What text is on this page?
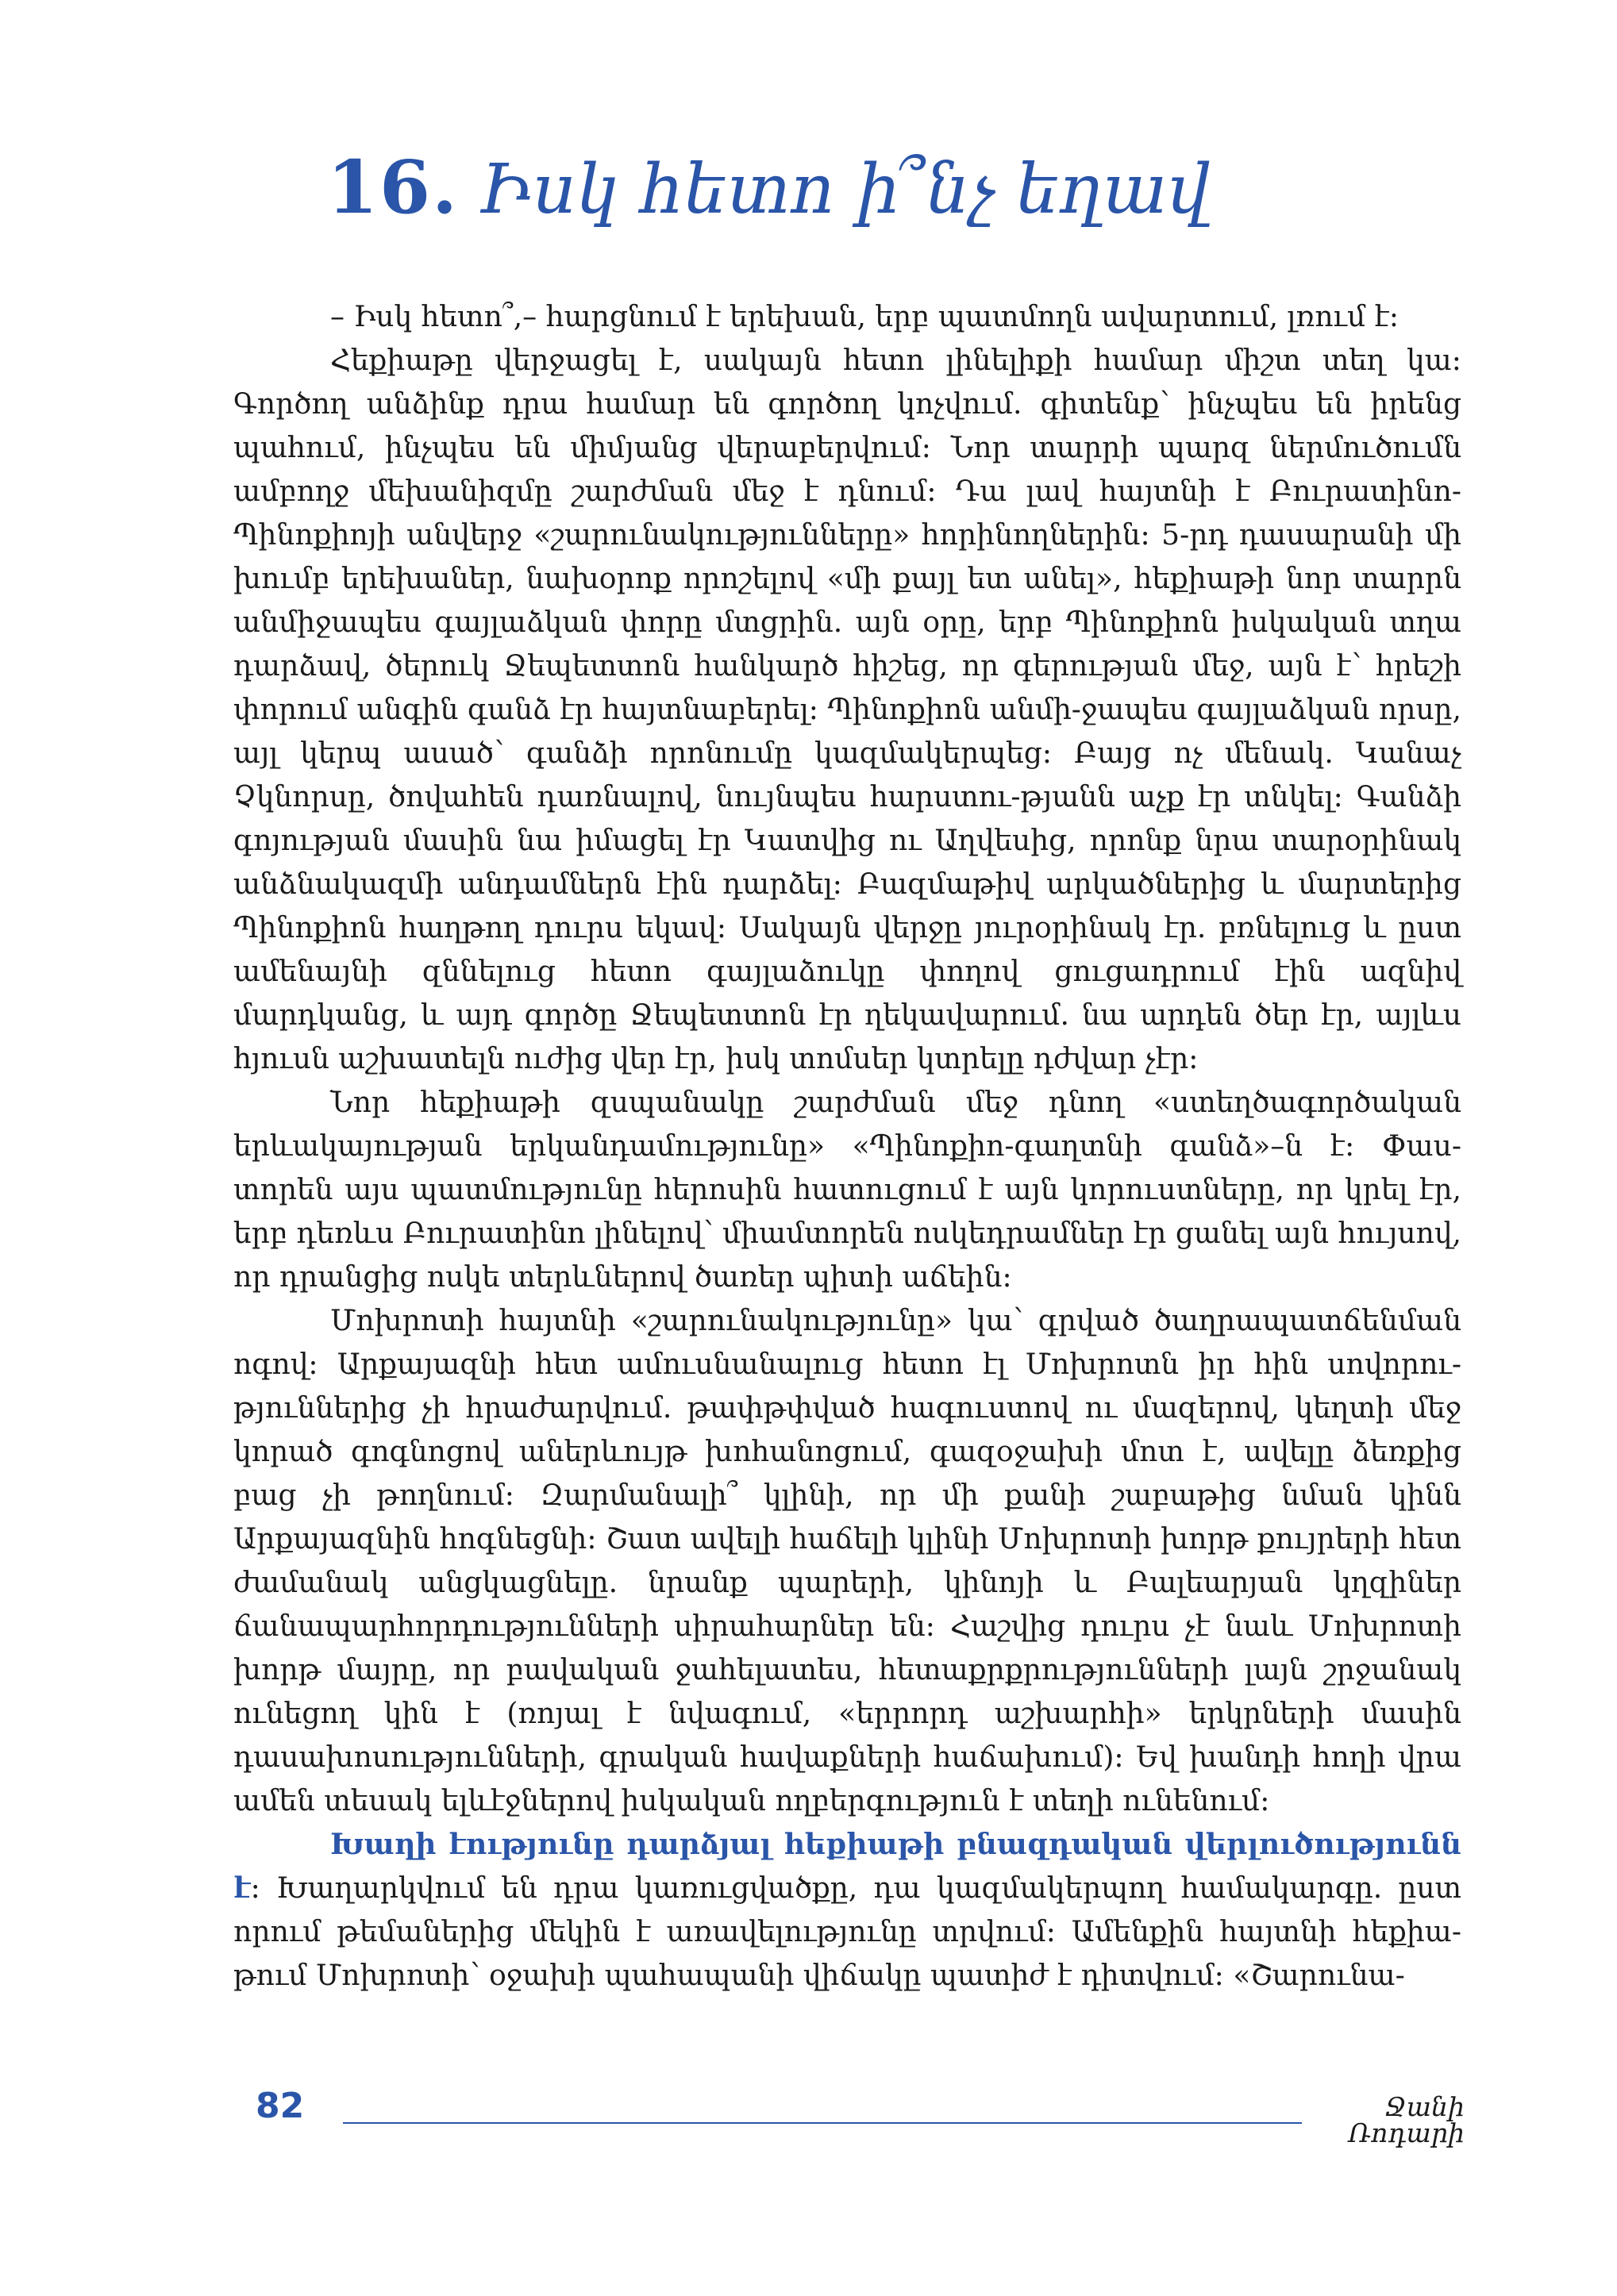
16. Իսկ հետո ի՞նչ եղավ

– Իսկ հետո՞,– հարցնում է երեխան, երբ պատմողն ավարտում, լռում է։

Հեքիաթը վերջացել է, սակայն հետո լինելիքի համար միշտ տեղ կա։ Գործող անձինք դրա համար են գործող կոչվում. գիտենք՝ ինչպես են իրենց պահում, ինչպես են միմյանց վերաբերվում։ Նոր տարրի պարզ ներմուծումն ամբողջ մեխանիզմը շարժման մեջ է դնում։ Դա լավ հայտնի է Բուրատինո-Պինոքիոյի անվերջ «շարունակությունները» հորինողներին։ 5-րդ դասարանի մի խումբ երեխաներ, նախօրոք որոշելով «մի քայլ ետ անել», հեքիաթի նոր տարրն անմիջապես գայլաձկան փորը մտցրին. այն օրը, երբ Պինոքիոն իսկական տղա դարձավ, ծերուկ Ջեպետտոն հանկարծ հիշեց, որ գերության մեջ, այն է՝ հրեշի փորում անգին գանձ էր հայտնաբերել։ Պինոքիոն անմի-ջապես գայլաձկան որսը, այլ կերպ ասած՝ գանձի որոնումը կազմակերպեց։ Բայց ոչ մենակ. Կանաչ Չկնորսը, ծովահեն դառնալով, նույնպես հարստու-թյանն աչք էր տնկել։ Գանձի գոյության մասին նա իմացել էր Կատվից ու Աղվեսից, որոնք նրա տարօրինակ անձնակազմի անդամներն էին դարձել։ Բազմաթիվ արկածներից և մարտերից Պինոքիոն հաղթող դուրս եկավ։ Սակայն վերջը յուրօրինակ էր. բռնելուց և ըստ ամենայնի զննելուց հետո գայլաձուկը փողով ցուցադրում էին ազնիվ մարդկանց, և այդ գործը Ջեպետտոն էր ղեկավարում. նա արդեն ծեր էր, այլևս հյուսն աշխատելն ուժից վեր էր, իսկ տոմսեր կտրելը դժվար չէր։

Նոր հեքիաթի զսպանակը շարժման մեջ դնող «ստեղծագործական երևակայության երկանդամությունը» «Պինոքիո-գաղտնի գանձ»–ն է։ Փաս-տորեն այս պատմությունը հերոսին հատուցում է այն կորուստները, որ կրել էր, երբ դեռևս Բուրատինո լինելով՝ միամտորեն ոսկեդրամներ էր ցանել այն հույսով, որ դրանցից ոսկե տերևներով ծառեր պիտի աճեին։

Մոխրոտի հայտնի «շարունակությունը» կա՝ գրված ծաղրապատճենման ոգով։ Արքայազնի հետ ամուսնանալուց հետո էլ Մոխրոտն իր հին սովորու-թյուններից չի հրաժարվում. թափթփված հագուստով ու մազերով, կեղտի մեջ կորած գոգնոցով աներևույթ խոհանոցում, գազօջախի մոտ է, ավելը ձեռքից բաց չի թողնում։ Զարմանալի՞ կլինի, որ մի քանի շաբաթից նման կինն Արքայազնին հոգնեցնի։ Շատ ավելի հաճելի կլինի Մոխրոտի խորթ քույրերի հետ ժամանակ անցկացնելը. նրանք պարերի, կինոյի և Բալեարյան կղզիներ ճանապարհորդությունների սիրահարներ են։ Հաշվից դուրս չէ նաև Մոխրոտի խորթ մայրը, որ բավական ջահելատես, հետաքրքրությունների լայն շրջանակ ունեցող կին է (ռոյալ է նվագում, «երրորդ աշխարհի» երկրների մասին դասախոսությունների, գրական հավաքների հաճախում)։ Եվ խանդի հողի վրա ամեն տեսակ ելևէջներով իսկական ողբերգություն է տեղի ունենում։

Խաղի էությունը դարձյալ հեքիաթի բնազդական վերլուծությունն է։ Խաղարկվում են դրա կառուցվածքը, դա կազմակերպող համակարգը. ըստ որում թեմաներից մեկին է առավելությունը տրվում։ Ամենքին հայտնի հեքիա-թում Մոխրոտի՝ օջախի պահապանի վիճակը պատիժ է դիտվում։ «Շարունա-

82	Ջանի Ռոդարի
